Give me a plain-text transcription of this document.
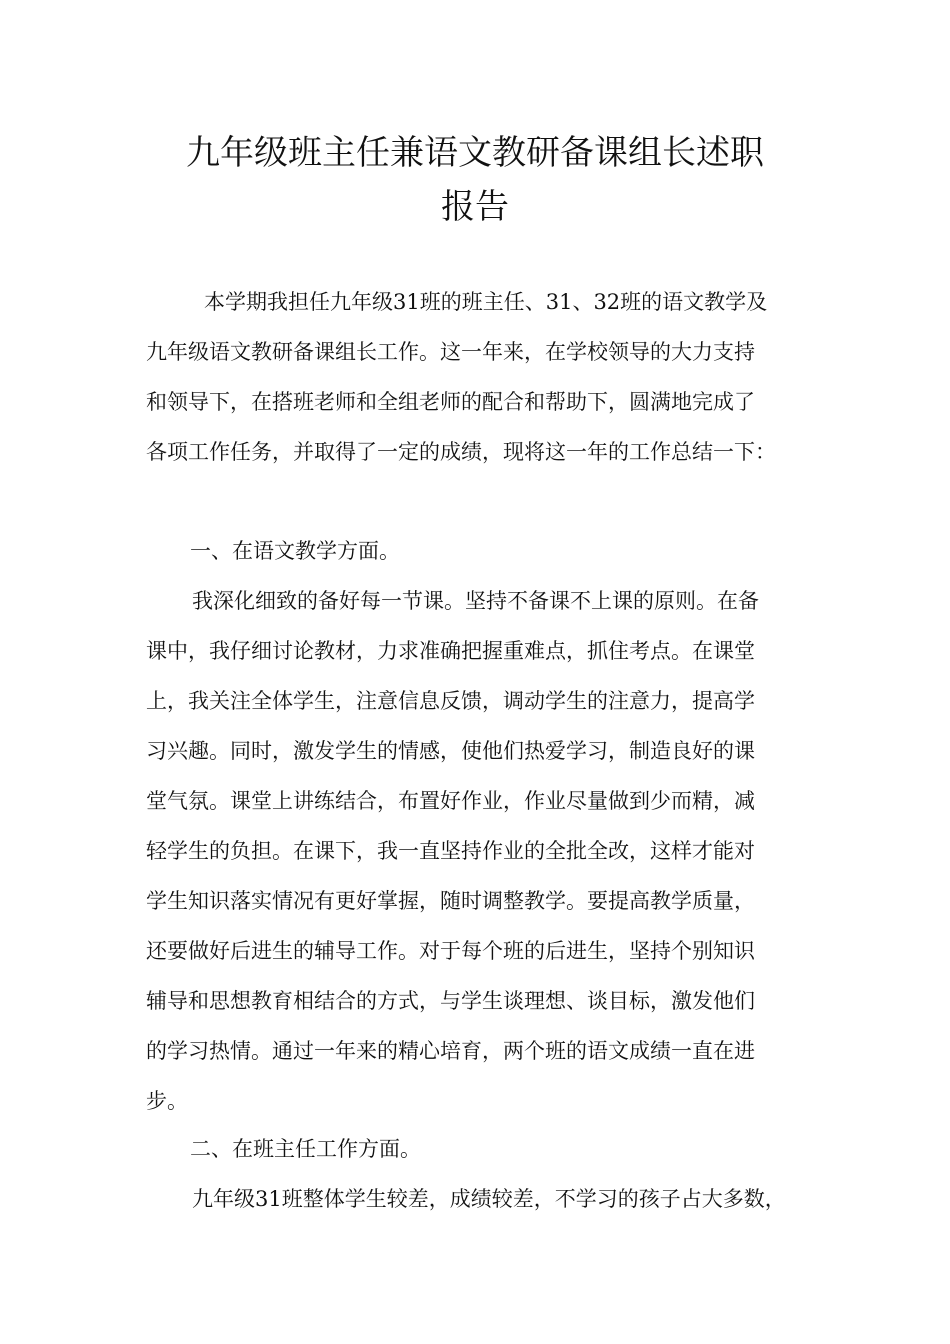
九年级班主任兼语文教研备课组长述职
报告

本学期我担任九年级31班的班主任、31、32班的语文教学及

九年级语文教研备课组长工作。这一年来，在学校领导的大力支持

和领导下，在搭班老师和全组老师的配合和帮助下，圆满地完成了

各项工作任务，并取得了一定的成绩，现将这一年的工作总结一下：

一、在语文教学方面。

我深化细致的备好每一节课。坚持不备课不上课的原则。在备

课中，我仔细讨论教材，力求准确把握重难点，抓住考点。在课堂

上，我关注全体学生，注意信息反馈，调动学生的注意力，提高学

习兴趣。同时，激发学生的情感，使他们热爱学习，制造良好的课

堂气氛。课堂上讲练结合，布置好作业，作业尽量做到少而精，减

轻学生的负担。在课下，我一直坚持作业的全批全改，这样才能对

学生知识落实情况有更好掌握，随时调整教学。要提高教学质量，

还要做好后进生的辅导工作。对于每个班的后进生，坚持个别知识

辅导和思想教育相结合的方式，与学生谈理想、谈目标，激发他们

的学习热情。通过一年来的精心培育，两个班的语文成绩一直在进

步。

二、在班主任工作方面。

九年级31班整体学生较差，成绩较差，不学习的孩子占大多数，
